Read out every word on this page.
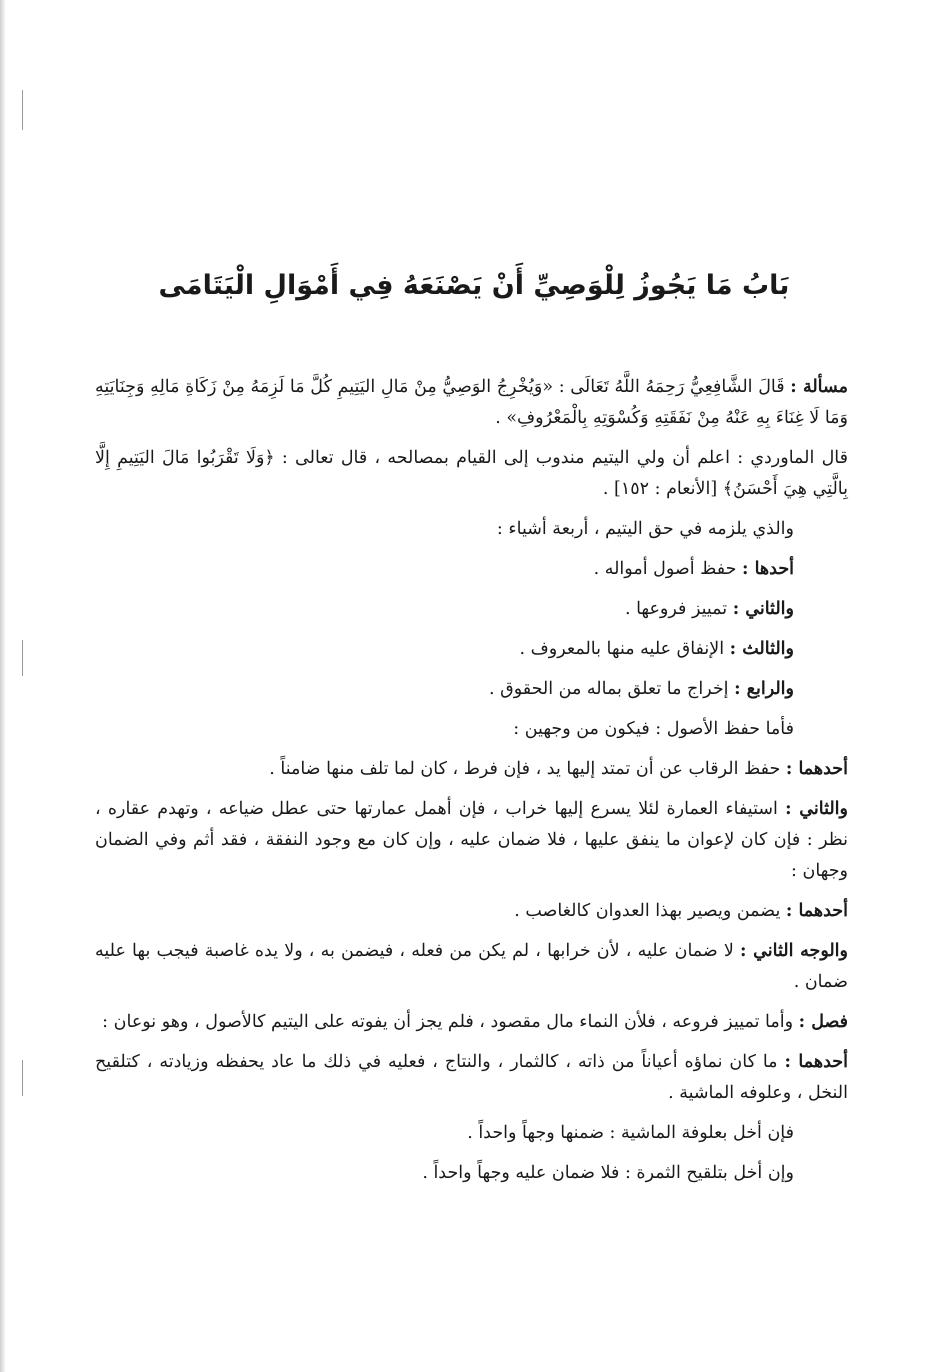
بَابُ مَا يَجُوزُ لِلْوَصِيِّ أَنْ يَصْنَعَهُ فِي أَمْوَالِ الْيَتَامَى

مسألة : قَالَ الشَّافِعِيُّ رَحِمَهُ اللَّهُ تَعَالَى : «وَيُخْرِجُ الوَصِيُّ مِنْ مَالِ اليَتِيمِ كُلَّ مَا لَزِمَهُ مِنْ زَكَاةِ مَالِهِ وَجِنَايَتِهِ وَمَا لَا غِنَاءَ بِهِ عَنْهُ مِنْ نَفَقَتِهِ وَكُسْوَتِهِ بِالْمَعْرُوفِ» .

قال الماوردي : اعلم أن ولي اليتيم مندوب إلى القيام بمصالحه ، قال تعالى : ﴿وَلَا تَقْرَبُوا مَالَ اليَتِيمِ إِلَّا بِالَّتِي هِيَ أَحْسَنُ﴾ [الأنعام : ١٥٢] .

والذي يلزمه في حق اليتيم ، أربعة أشياء :

أحدها : حفظ أصول أمواله .

والثاني : تمييز فروعها .

والثالث : الإنفاق عليه منها بالمعروف .

والرابع : إخراج ما تعلق بماله من الحقوق .

فأما حفظ الأصول : فيكون من وجهين :

أحدهما : حفظ الرقاب عن أن تمتد إليها يد ، فإن فرط ، كان لما تلف منها ضامناً .

والثاني : استيفاء العمارة لئلا يسرع إليها خراب ، فإن أهمل عمارتها حتى عطل ضياعه ، وتهدم عقاره ، نظر : فإن كان لإعوان ما ينفق عليها ، فلا ضمان عليه ، وإن كان مع وجود النفقة ، فقد أثم وفي الضمان وجهان :

أحدهما : يضمن ويصير بهذا العدوان كالغاصب .

والوجه الثاني : لا ضمان عليه ، لأن خرابها ، لم يكن من فعله ، فيضمن به ، ولا يده غاصبة فيجب بها عليه ضمان .

فصل : وأما تمييز فروعه ، فلأن النماء مال مقصود ، فلم يجز أن يفوته على اليتيم كالأصول ، وهو نوعان :

أحدهما : ما كان نماؤه أعياناً من ذاته ، كالثمار ، والنتاج ، فعليه في ذلك ما عاد يحفظه وزيادته ، كتلقيح النخل ، وعلوفه الماشية .

فإن أخل بعلوفة الماشية : ضمنها وجهاً واحداً .

وإن أخل بتلقيح الثمرة : فلا ضمان عليه وجهاً واحداً .
